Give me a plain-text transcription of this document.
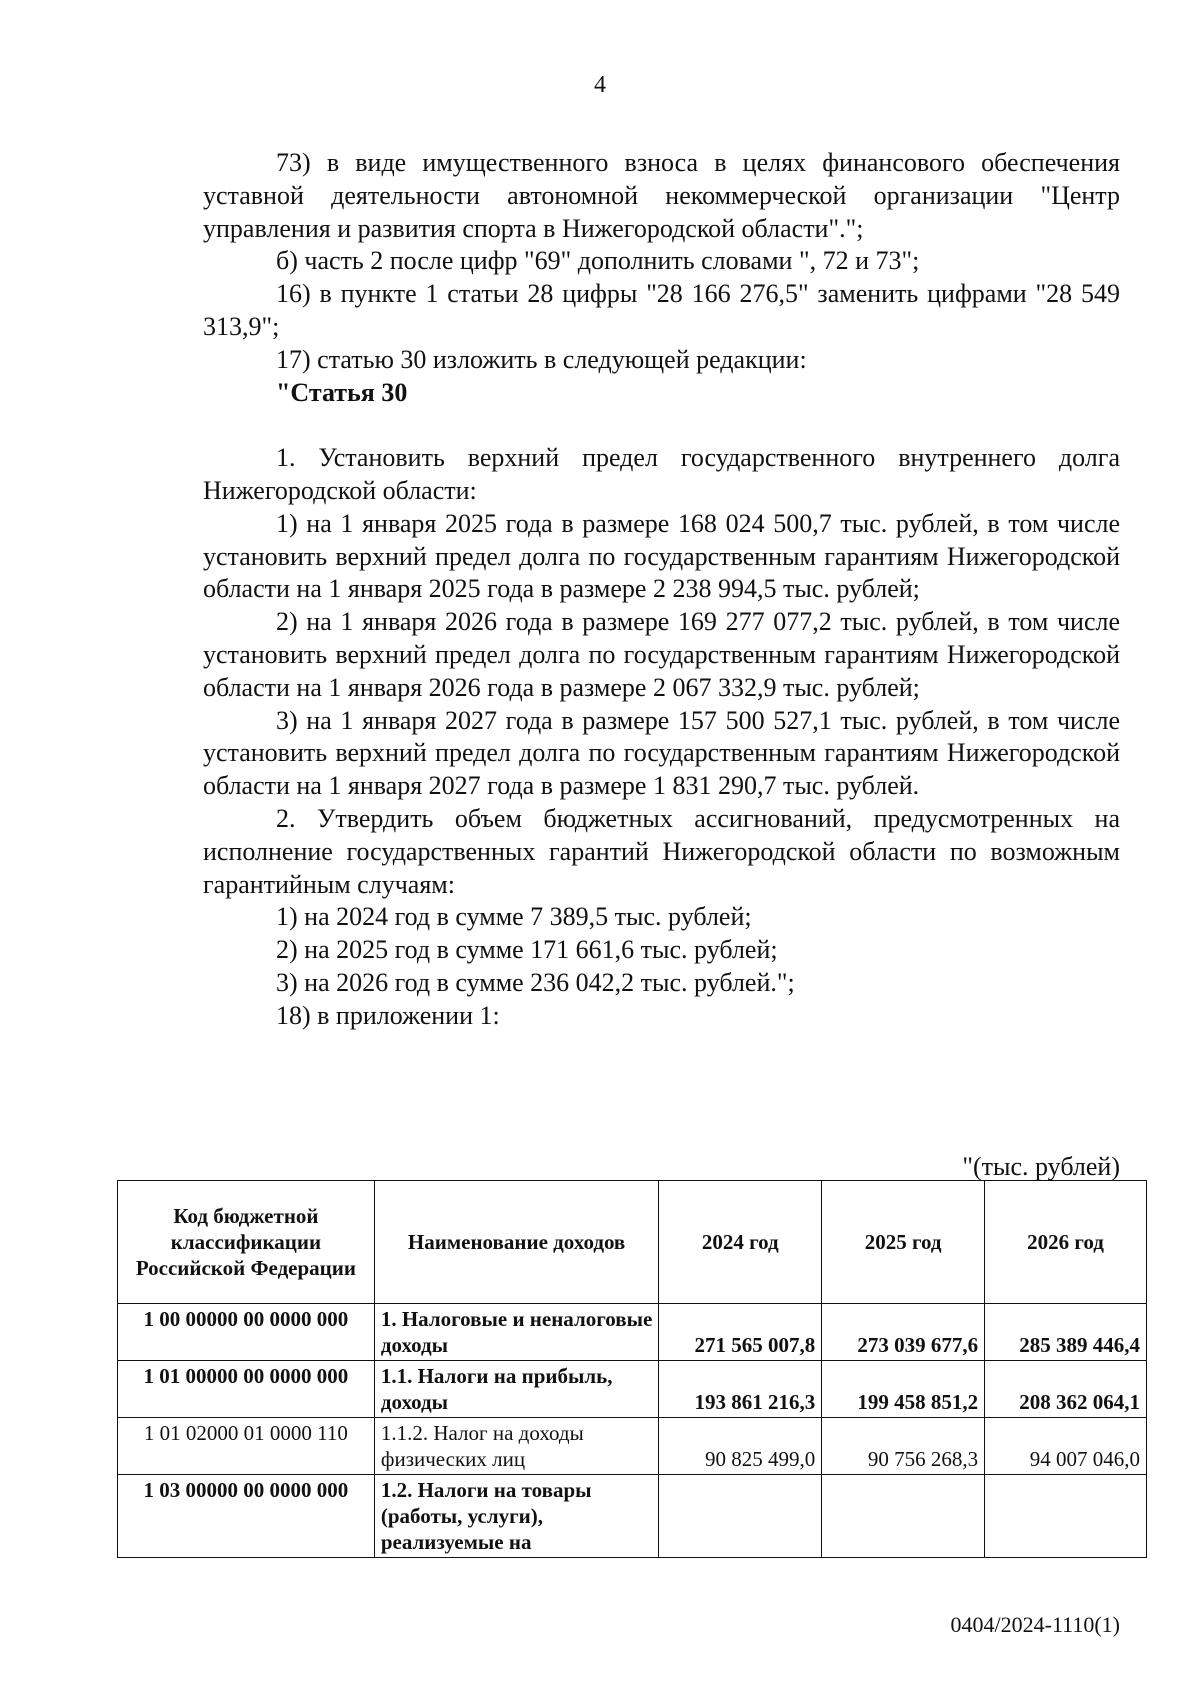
4

73) в виде имущественного взноса в целях финансового обеспечения уставной деятельности автономной некоммерческой организации "Центр управления и развития спорта в Нижегородской области".";

б) часть 2 после цифр "69" дополнить словами ", 72 и 73";

16) в пункте 1 статьи 28 цифры "28 166 276,5" заменить цифрами "28 549 313,9";

17) статью 30 изложить в следующей редакции:

"Статья 30

1. Установить верхний предел государственного внутреннего долга Нижегородской области:

1) на 1 января 2025 года в размере 168 024 500,7 тыс. рублей, в том числе установить верхний предел долга по государственным гарантиям Нижегородской области на 1 января 2025 года в размере 2 238 994,5 тыс. рублей;

2) на 1 января 2026 года в размере 169 277 077,2 тыс. рублей, в том числе установить верхний предел долга по государственным гарантиям Нижегородской области на 1 января 2026 года в размере 2 067 332,9 тыс. рублей;

3) на 1 января 2027 года в размере 157 500 527,1 тыс. рублей, в том числе установить верхний предел долга по государственным гарантиям Нижегородской области на 1 января 2027 года в размере 1 831 290,7 тыс. рублей.

2. Утвердить объем бюджетных ассигнований, предусмотренных на исполнение государственных гарантий Нижегородской области по возможным гарантийным случаям:

1) на 2024 год в сумме 7 389,5 тыс. рублей;

2) на 2025 год в сумме 171 661,6 тыс. рублей;

3) на 2026 год в сумме 236 042,2 тыс. рублей.";

18) в приложении 1:

"(тыс. рублей)
Код бюджетной классификации Российской Федерации	Наименование доходов	2024 год	2025 год	2026 год
1 00 00000 00 0000 000	1. Налоговые и неналоговые доходы	271 565 007,8	273 039 677,6	285 389 446,4
1 01 00000 00 0000 000	1.1. Налоги на прибыль, доходы	193 861 216,3	199 458 851,2	208 362 064,1
1 01 02000 01 0000 110	1.1.2. Налог на доходы физических лиц	90 825 499,0	90 756 268,3	94 007 046,0
1 03 00000 00 0000 000	1.2. Налоги на товары (работы, услуги), реализуемые на			
0404/2024-1110(1)
